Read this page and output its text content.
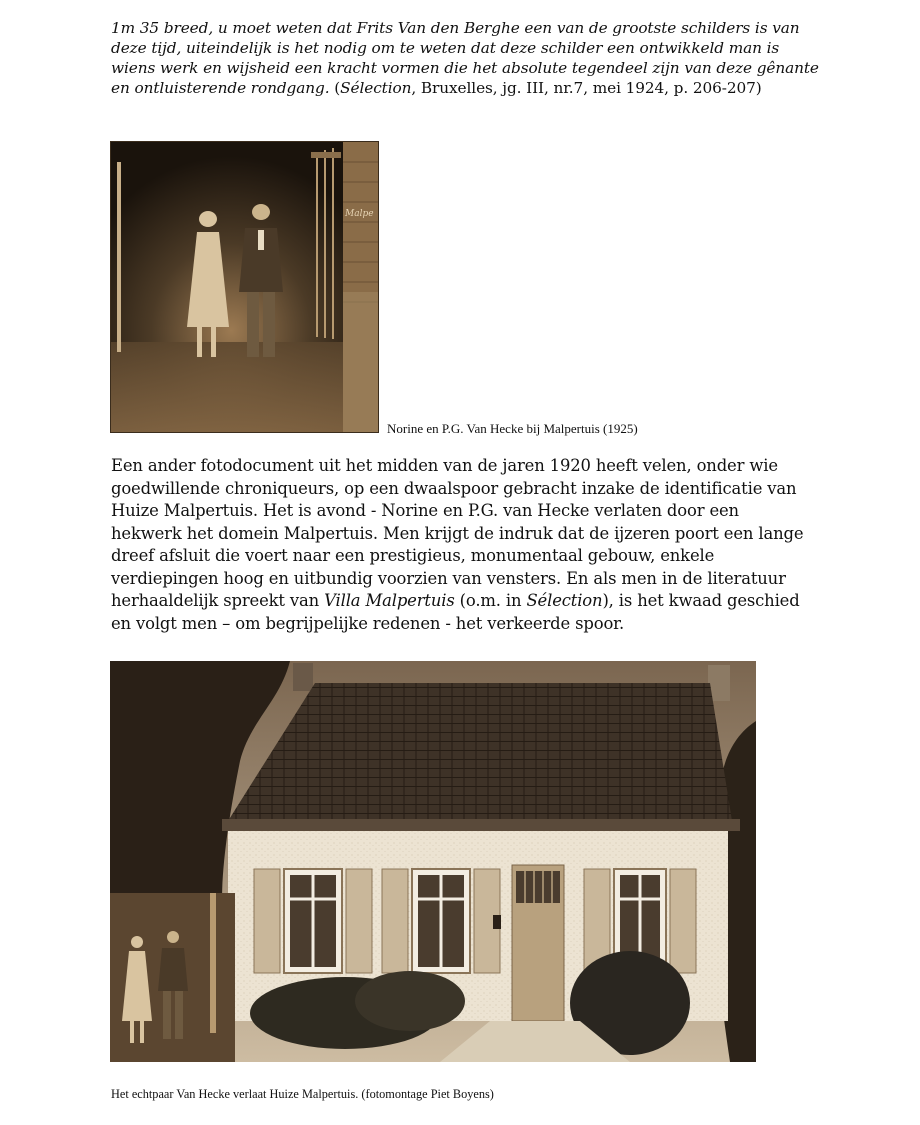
1m 35 breed, u moet weten dat Frits Van den Berghe een van de grootste schilders is van deze tijd, uiteindelijk is het nodig om te weten dat deze schilder een ontwikkeld man is wiens werk en wijsheid een kracht vormen die het absolute tegendeel zijn van deze gênante en ontluisterende rondgang. (Sélection, Bruxelles, jg. III, nr.7, mei 1924, p. 206-207)
Malpe
Norine en P.G. Van Hecke bij Malpertuis (1925)
Een ander fotodocument uit het midden van de jaren 1920 heeft velen, onder wie goedwillende chroniqueurs, op een dwaalspoor gebracht inzake de identificatie van Huize Malpertuis. Het is avond - Norine en P.G. van Hecke verlaten door een hekwerk het domein Malpertuis. Men krijgt de indruk dat de ijzeren poort een lange dreef afsluit die voert naar een prestigieus, monumentaal gebouw, enkele verdiepingen hoog en uitbundig voorzien van vensters. En als men in de literatuur herhaaldelijk spreekt van Villa Malpertuis (o.m. in Sélection), is het kwaad geschied en volgt men – om begrijpelijke redenen - het verkeerde spoor.
Het echtpaar Van Hecke verlaat Huize Malpertuis. (fotomontage Piet Boyens)
